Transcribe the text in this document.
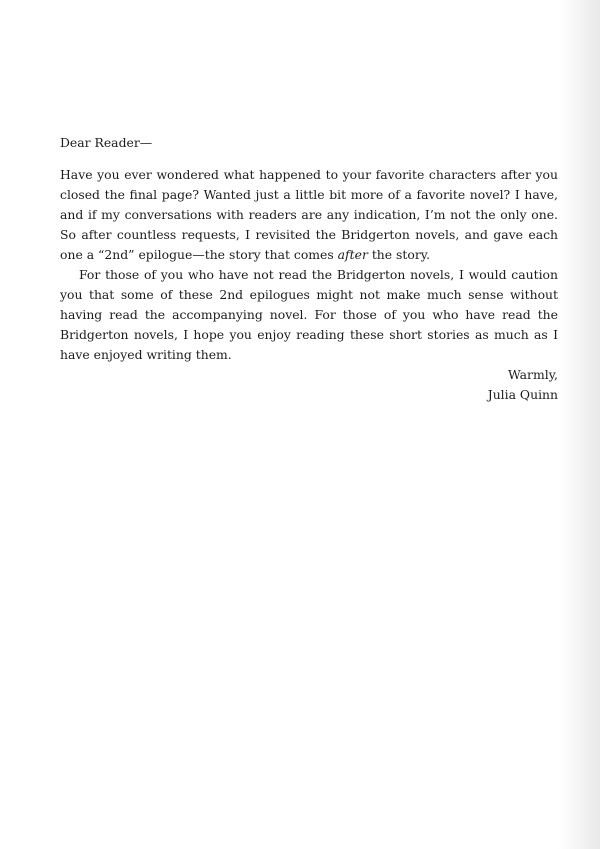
Dear Reader—

Have you ever wondered what happened to your favorite characters after you closed the final page? Wanted just a little bit more of a favorite novel? I have, and if my conversations with readers are any indication, I’m not the only one. So after countless requests, I revisited the Bridgerton novels, and gave each one a “2nd” epilogue—the story that comes after the story.

For those of you who have not read the Bridgerton novels, I would caution you that some of these 2nd epilogues might not make much sense without having read the accompanying novel. For those of you who have read the Bridgerton novels, I hope you enjoy reading these short stories as much as I have enjoyed writing them.

Warmly,
Julia Quinn
